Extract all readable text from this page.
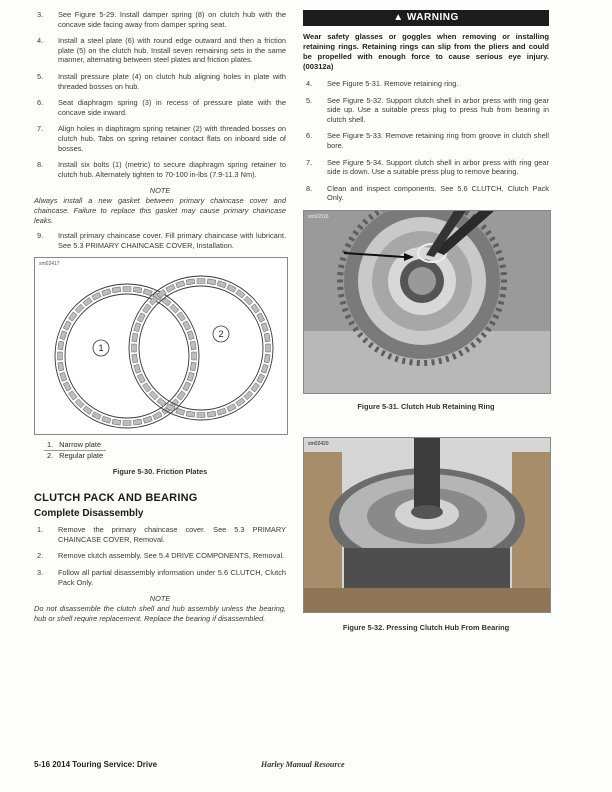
3.	See Figure 5-29. Install damper spring (8) on clutch hub with the concave side facing away from damper spring seat.
4.	Install a steel plate (6) with round edge outward and then a friction plate (5) on the clutch hub. Install seven remaining sets in the same manner, alternating between steel plates and friction plates.
5.	Install pressure plate (4) on clutch hub aligning holes in plate with threaded bosses on hub.
6.	Seat diaphragm spring (3) in recess of pressure plate with the concave side inward.
7.	Align holes in diaphragm spring retainer (2) with threaded bosses on clutch hub. Tabs on spring retainer contact flats on inboard side of bosses.
8.	Install six bolts (1) (metric) to secure diaphragm spring retainer to clutch hub. Alternately tighten to 70-100 in-lbs (7.9-11.3 Nm).
NOTE
Always install a new gasket between primary chaincase cover and chaincase. Failure to replace this gasket may cause primary chaincase leaks.
9.	Install primary chaincase cover. Fill primary chaincase with lubricant. See 5.3 PRIMARY CHAINCASE COVER, Installation.
sm02417
1
2
1.	Narrow plate
2.	Regular plate
Figure 5-30. Friction Plates
CLUTCH PACK AND BEARING
Complete Disassembly
1.	Remove the primary chaincase cover. See 5.3 PRIMARY CHAINCASE COVER, Removal.
2.	Remove clutch assembly. See 5.4 DRIVE COMPONENTS, Removal.
3.	Follow all partial disassembly information under 5.6 CLUTCH, Clutch Pack Only.
NOTE
Do not disassemble the clutch shell and hub assembly unless the bearing, hub or shell require replacement. Replace the bearing if disassembled.
▲ WARNING
Wear safety glasses or goggles when removing or installing retaining rings. Retaining rings can slip from the pliers and could be propelled with enough force to cause serious eye injury. (00312a)
4.	See Figure 5-31. Remove retaining ring.
5.	See Figure 5-32. Support clutch shell in arbor press with ring gear side up. Use a suitable press plug to press hub from bearing in clutch shell.
6.	See Figure 5-33. Remove retaining ring from groove in clutch shell bore.
7.	See Figure 5-34. Support clutch shell in arbor press with ring gear side is down. Use a suitable press plug to remove bearing.
8.	Clean and inspect components. See 5.6 CLUTCH, Clutch Pack Only.
sm01516
Figure 5-31. Clutch Hub Retaining Ring
sm02420
Figure 5-32. Pressing Clutch Hub From Bearing
5-16 2014 Touring Service: Drive	Harley Manual Resource
